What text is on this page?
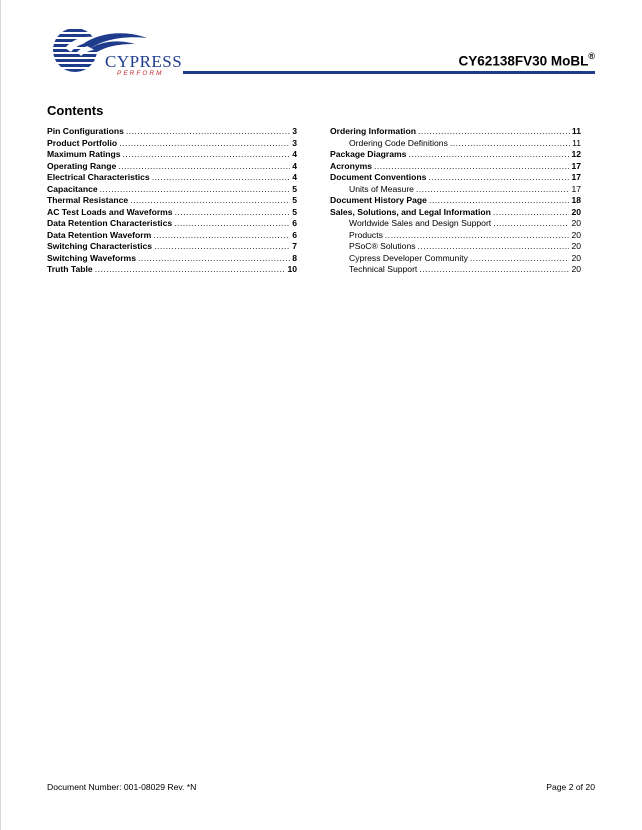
CYPRESS
PERFORM
CY62138FV30 MoBL®
Contents
Pin Configurations .....	3
Product Portfolio .....	3
Maximum Ratings .....	4
Operating Range .....	4
Electrical Characteristics .....	4
Capacitance .....	5
Thermal Resistance .....	5
AC Test Loads and Waveforms .....	5
Data Retention Characteristics .....	6
Data Retention Waveform .....	6
Switching Characteristics .....	7
Switching Waveforms .....	8
Truth Table .....	10
Ordering Information .....	11
Ordering Code Definitions .....	11
Package Diagrams .....	12
Acronyms .....	17
Document Conventions .....	17
Units of Measure .....	17
Document History Page .....	18
Sales, Solutions, and Legal Information .....	20
Worldwide Sales and Design Support .....	20
Products .....	20
PSoC® Solutions .....	20
Cypress Developer Community .....	20
Technical Support .....	20
Document Number: 001-08029 Rev. *N	Page 2 of 20
